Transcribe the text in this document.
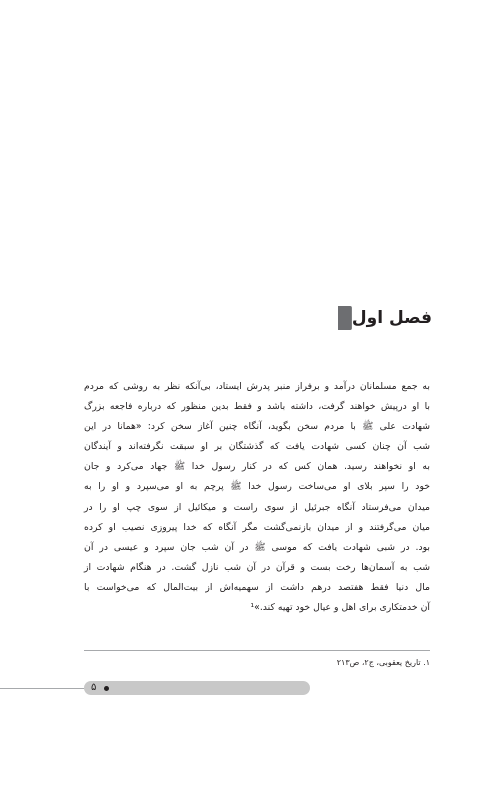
فصل اول
به جمع مسلمانان درآمد و برفراز منبر پدرش ایستاد، بی‌آنکه نظر به روشی که مردم
با او درپیش خواهند گرفت، داشته باشد و فقط بدین منظور که درباره فاجعه بزرگ
شهادت علی ﷺ با مردم سخن بگوید، آنگاه چنین آغاز سخن کرد: «همانا در این
شب آن چنان کسی شهادت یافت که گذشتگان بر او سبقت نگرفته‌اند و آیندگان
به او نخواهند رسید. همان کس که در کنار رسول خدا ﷺ جهاد می‌کرد و جان
خود را سپر بلای او می‌ساخت رسول خدا ﷺ پرچم به او می‌سپرد و او را به
میدان می‌فرستاد آنگاه جبرئیل از سوی راست و میکائیل از سوی چپ او را در
میان می‌گرفتند و از میدان بازنمی‌گشت مگر آنگاه که خدا پیروزی نصیب او کرده
بود. در شبی شهادت یافت که موسی ﷺ در آن شب جان سپرد و عیسی در آن
شب به آسمان‌ها رخت بست و قرآن در آن شب نازل گشت. در هنگام شهادت از
مال دنیا فقط هفتصد درهم داشت از سهمیه‌اش از بیت‌المال که می‌خواست با
آن خدمتکاری برای اهل و عیال خود تهیه کند.»¹
۱. تاریخ یعقوبی، ج۲، ص۲۱۳
۵
